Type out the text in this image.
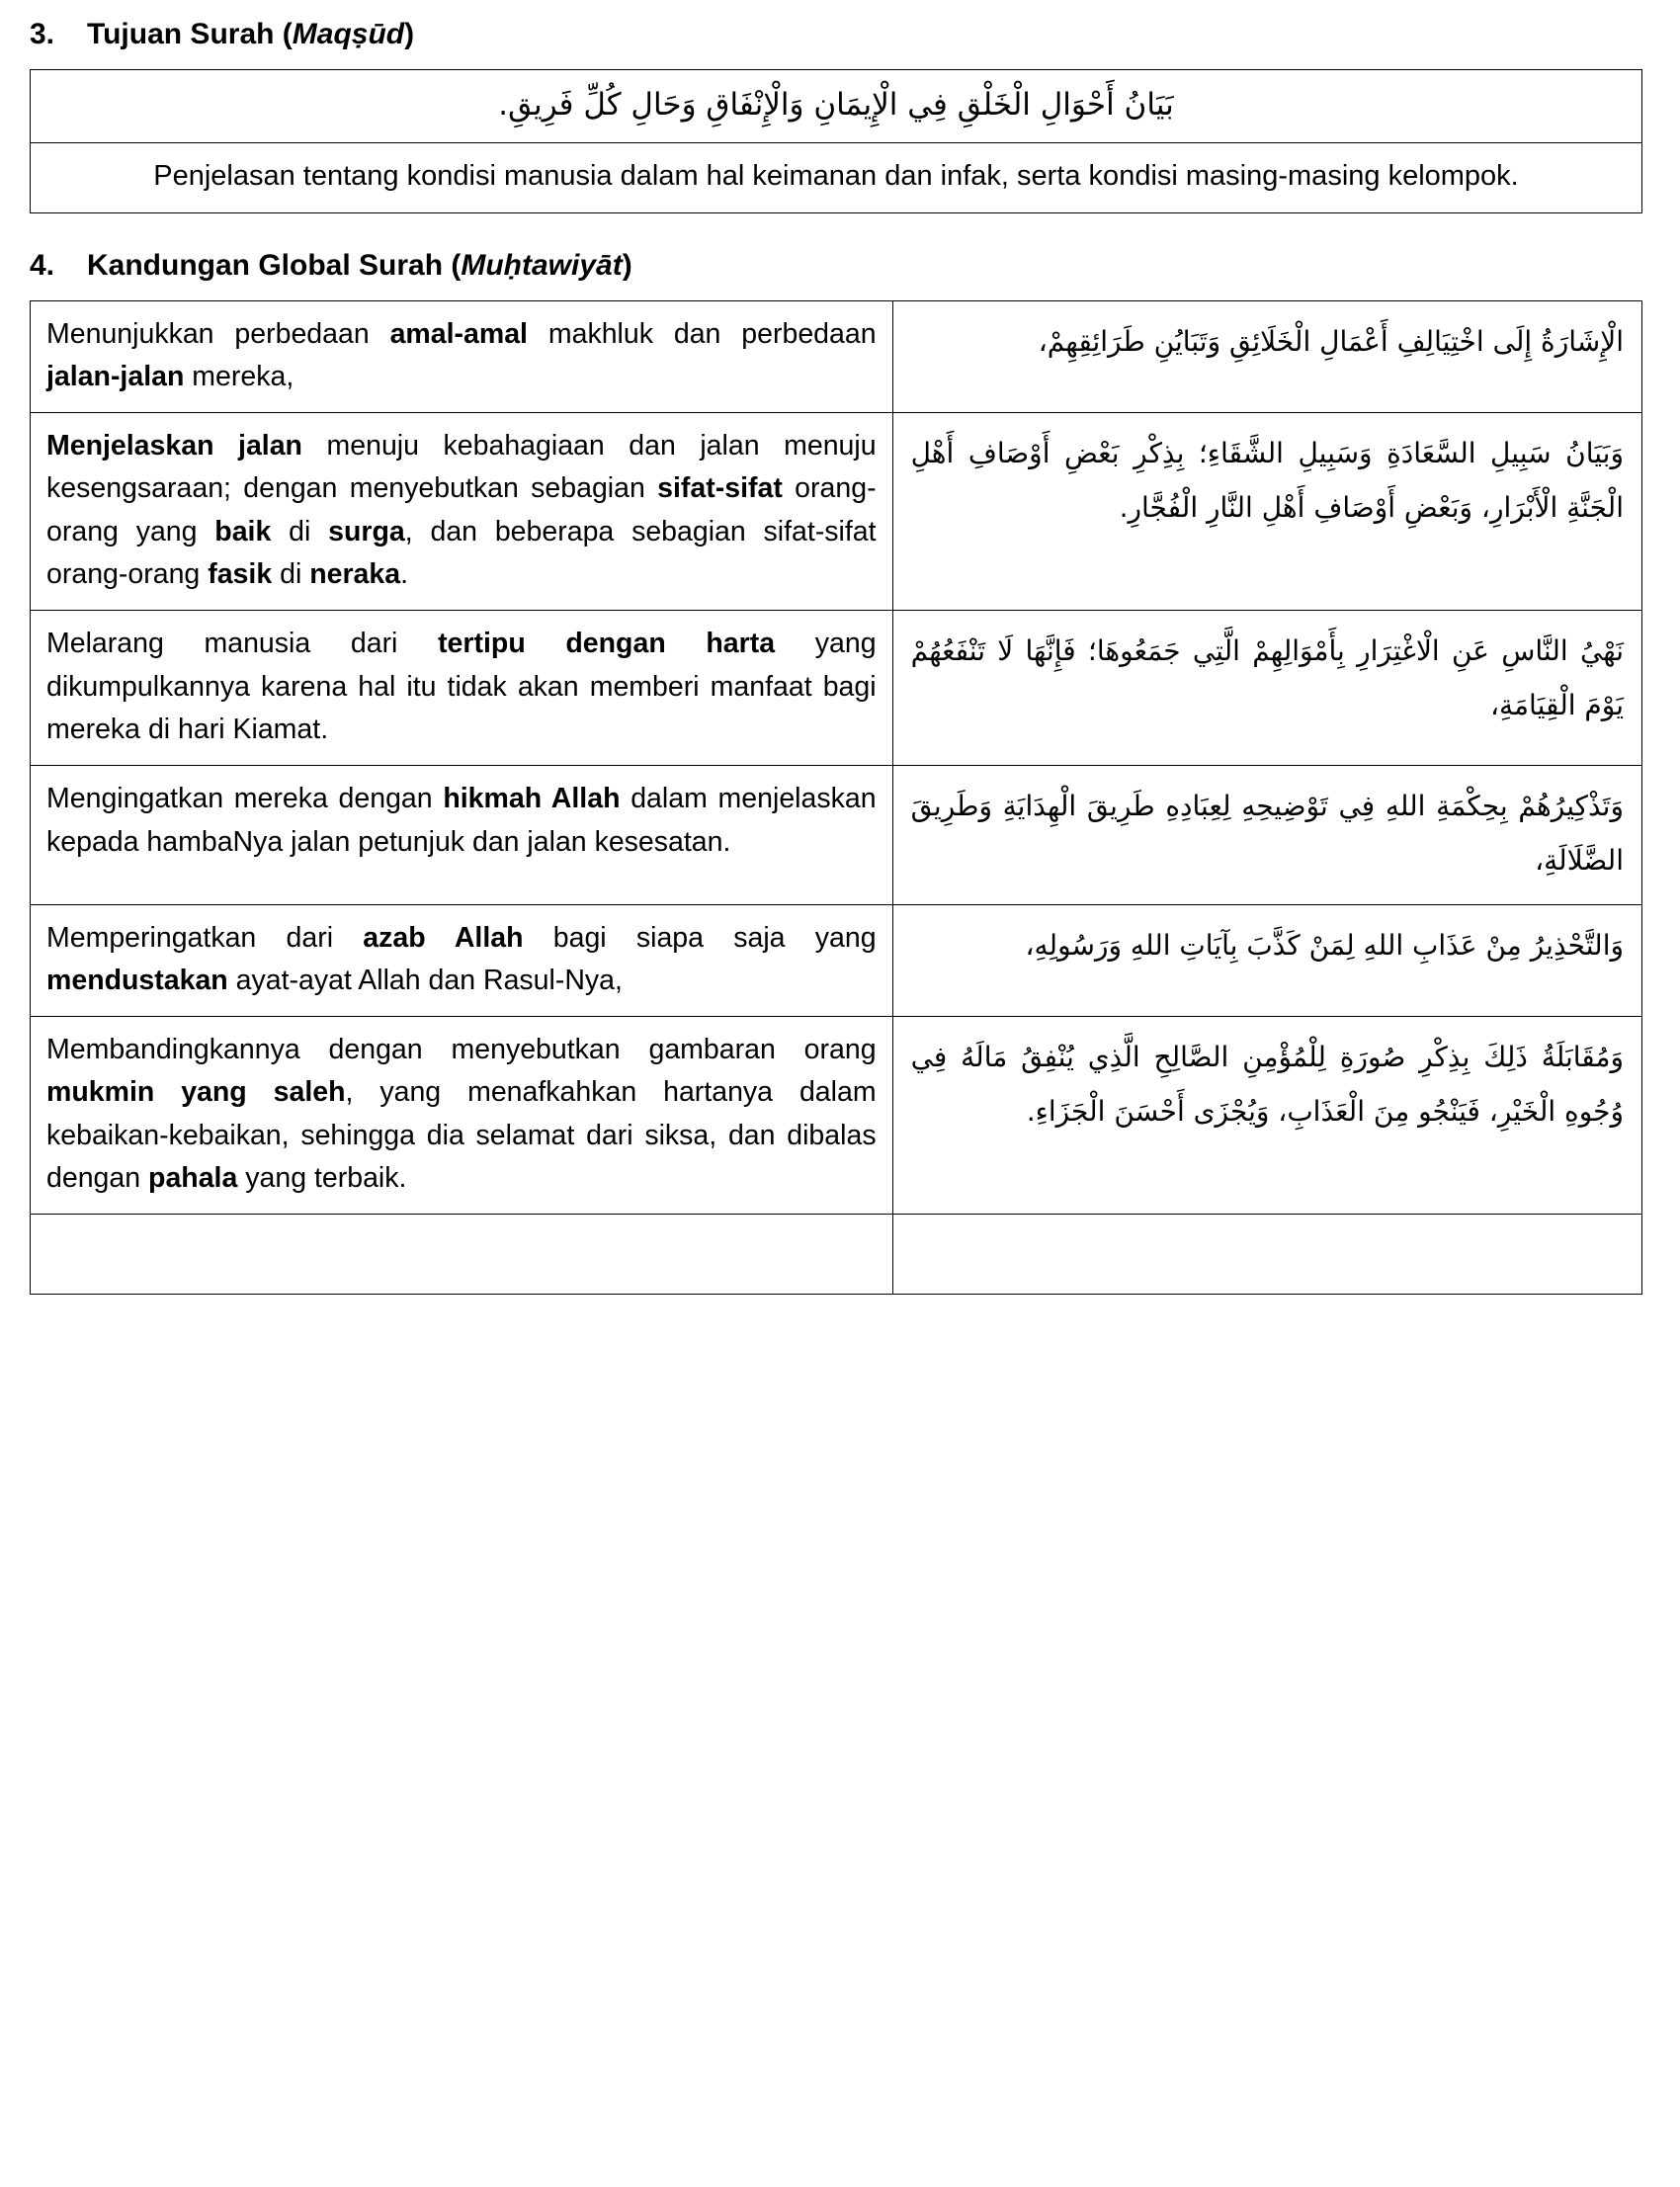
3.	Tujuan Surah (Maqṣūd)
بَيَانُ أَحْوَالِ الْخَلْقِ فِي الْإِيمَانِ وَالْإِنْفَاقِ وَحَالِ كُلِّ فَرِيقِ.
Penjelasan tentang kondisi manusia dalam hal keimanan dan infak, serta kondisi masing-masing kelompok.
4.	Kandungan Global Surah (Muḥtawiyāt)
Menunjukkan perbedaan amal-amal makhluk dan perbedaan jalan-jalan mereka,	الْإِشَارَةُ إِلَى اخْتِيَالِفِ أَعْمَالِ الْخَلَائِقِ وَتَبَايُنِ طَرَائِقِهِمْ،
Menjelaskan jalan menuju kebahagiaan dan jalan menuju kesengsaraan; dengan menyebutkan sebagian sifat-sifat orang-orang yang baik di surga, dan beberapa sebagian sifat-sifat orang-orang fasik di neraka.	وَبَيَانُ سَبِيلِ السَّعَادَةِ وَسَبِيلِ الشَّقَاءِ؛ بِذِكْرِ بَعْضِ أَوْصَافِ أَهْلِ الْجَنَّةِ الْأَبْرَارِ، وَبَعْضِ أَوْصَافِ أَهْلِ النَّارِ الْفُجَّارِ.
Melarang manusia dari tertipu dengan harta yang dikumpulkannya karena hal itu tidak akan memberi manfaat bagi mereka di hari Kiamat.	نَهْيُ النَّاسِ عَنِ الْاغْتِرَارِ بِأَمْوَالِهِمْ الَّتِي جَمَعُوهَا؛ فَإِنَّهَا لَا تَنْفَعُهُمْ يَوْمَ الْقِيَامَةِ،
Mengingatkan mereka dengan hikmah Allah dalam menjelaskan kepada hambaNya jalan petunjuk dan jalan kesesatan.	وَتَذْكِيرُهُمْ بِحِكْمَةِ اللهِ فِي تَوْضِيحِهِ لِعِبَادِهِ طَرِيقَ الْهِدَايَةِ وَطَرِيقَ الضَّلَالَةِ،
Memperingatkan dari azab Allah bagi siapa saja yang mendustakan ayat-ayat Allah dan Rasul-Nya,	وَالتَّحْذِيرُ مِنْ عَذَابِ اللهِ لِمَنْ كَذَّبَ بِآيَاتِ اللهِ وَرَسُولِهِ،
Membandingkannya dengan menyebutkan gambaran orang mukmin yang saleh, yang menafkahkan hartanya dalam kebaikan-kebaikan, sehingga dia selamat dari siksa, dan dibalas dengan pahala yang terbaik.	وَمُقَابَلَةُ ذَلِكَ بِذِكْرِ صُورَةِ لِلْمُؤْمِنِ الصَّالِحِ الَّذِي يُنْفِقُ مَالَهُ فِي وُجُوهِ الْخَيْرِ، فَيَنْجُو مِنَ الْعَذَابِ، وَيُجْزَى أَحْسَنَ الْجَزَاءِ.
